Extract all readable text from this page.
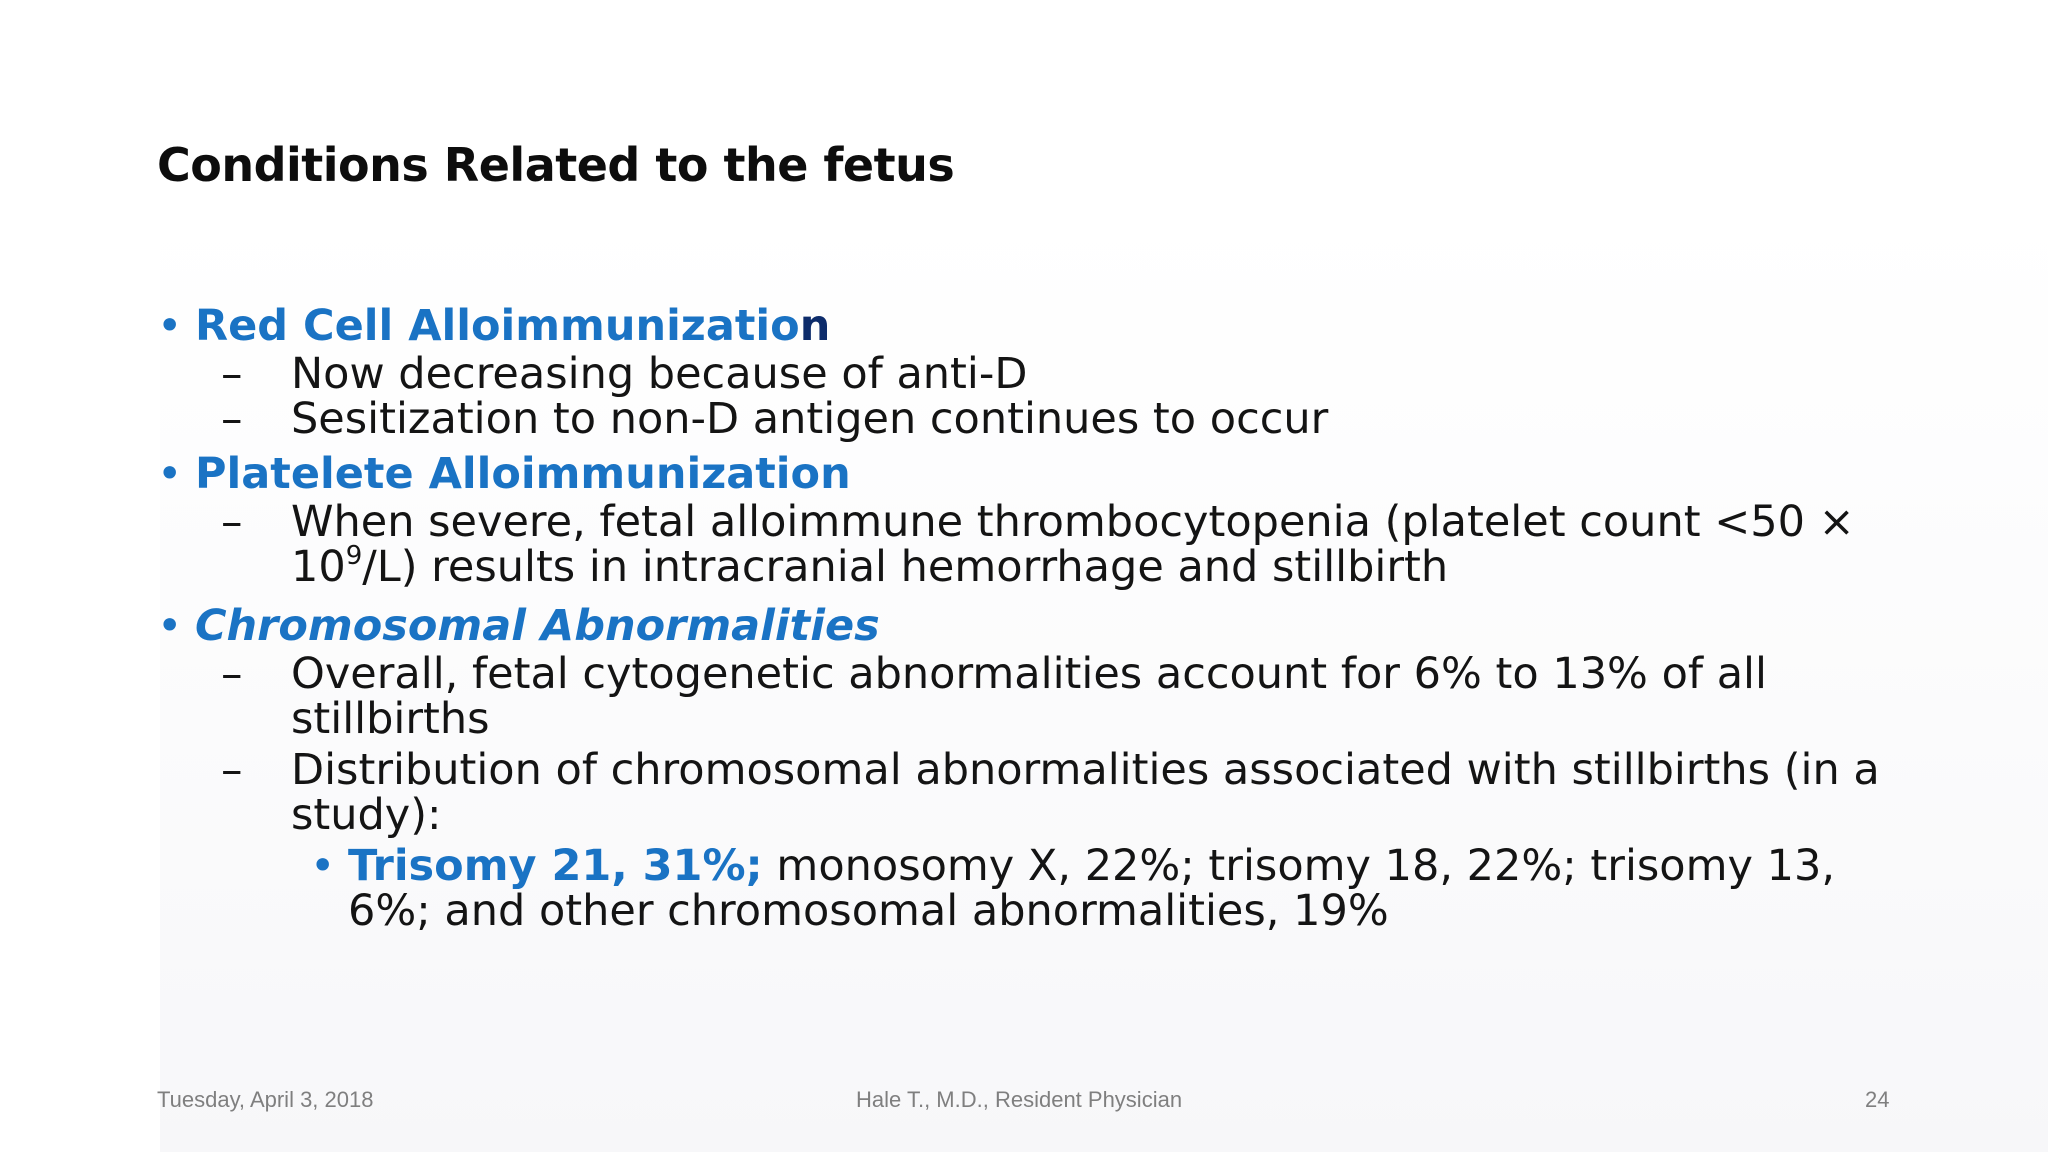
Conditions Related to the fetus
• Red Cell Alloimmunization
– Now decreasing because of anti-D
– Sesitization to non-D antigen continues to occur
• Platelete Alloimmunization
– When severe, fetal alloimmune thrombocytopenia (platelet count $<50 \times 10^9/L$) results in intracranial hemorrhage and stillbirth
• Chromosomal Abnormalities
– Overall, fetal cytogenetic abnormalities account for 6% to 13% of all stillbirths
– Distribution of chromosomal abnormalities associated with stillbirths (in a study):
• Trisomy 21, 31%; monosomy X, 22%; trisomy 18, 22%; trisomy 13, 6%; and other chromosomal abnormalities, 19%
Tuesday, April 3, 2018	Hale T., M.D., Resident Physician	24
